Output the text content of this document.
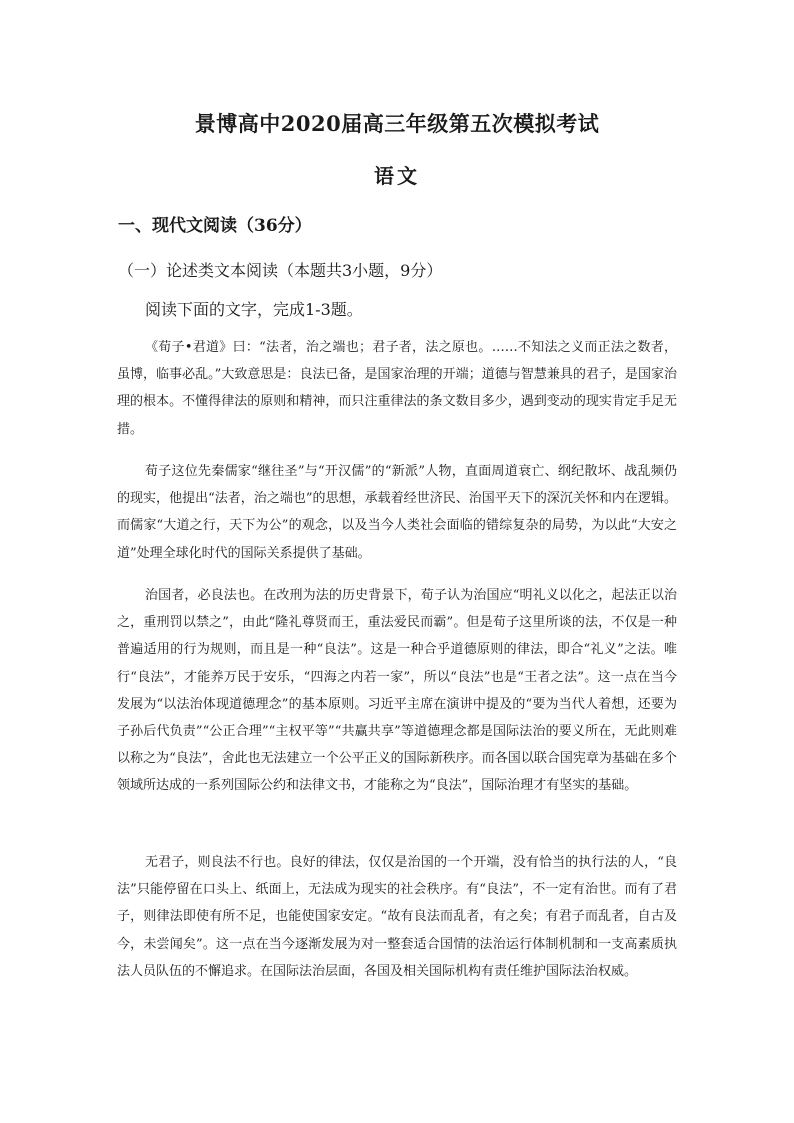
景博高中2020届高三年级第五次模拟考试
语文
一、现代文阅读（36分）
（一）论述类文本阅读（本题共3小题，9分）
阅读下面的文字，完成1-3题。

《荀子•君道》曰：“法者，治之端也；君子者，法之原也。……不知法之义而正法之数者，虽博，临事必乱。”大致意思是：良法已备，是国家治理的开端；道德与智慧兼具的君子，是国家治理的根本。不懂得律法的原则和精神，而只注重律法的条文数目多少，遇到变动的现实肯定手足无措。

荀子这位先秦儒家“继往圣”与“开汉儒”的“新派”人物，直面周道衰亡、纲纪散坏、战乱频仍的现实，他提出“法者，治之端也”的思想，承载着经世济民、治国平天下的深沉关怀和内在逻辑。而儒家“大道之行，天下为公”的观念，以及当今人类社会面临的错综复杂的局势，为以此“大安之道”处理全球化时代的国际关系提供了基础。

治国者，必良法也。在改刑为法的历史背景下，荀子认为治国应“明礼义以化之，起法正以治之，重刑罚以禁之”，由此“隆礼尊贤而王，重法爱民而霸”。但是荀子这里所谈的法，不仅是一种普遍适用的行为规则，而且是一种“良法”。这是一种合乎道德原则的律法，即合“礼义”之法。唯行“良法”，才能养万民于安乐，“四海之内若一家”，所以“良法”也是“王者之法”。这一点在当今发展为“以法治体现道德理念”的基本原则。习近平主席在演讲中提及的“要为当代人着想，还要为子孙后代负责”“公正合理”“主权平等”“共赢共享”等道德理念都是国际法治的要义所在，无此则难以称之为“良法”，舍此也无法建立一个公平正义的国际新秩序。而各国以联合国宪章为基础在多个领域所达成的一系列国际公约和法律文书，才能称之为“良法”，国际治理才有坚实的基础。

无君子，则良法不行也。良好的律法，仅仅是治国的一个开端，没有恰当的执行法的人，“良法”只能停留在口头上、纸面上，无法成为现实的社会秩序。有“良法”，不一定有治世。而有了君子，则律法即使有所不足，也能使国家安定。“故有良法而乱者，有之矣；有君子而乱者，自古及今，未尝闻矣”。这一点在当今逐渐发展为对一整套适合国情的法治运行体制机制和一支高素质执法人员队伍的不懈追求。在国际法治层面，各国及相关国际机构有责任维护国际法治权威。
